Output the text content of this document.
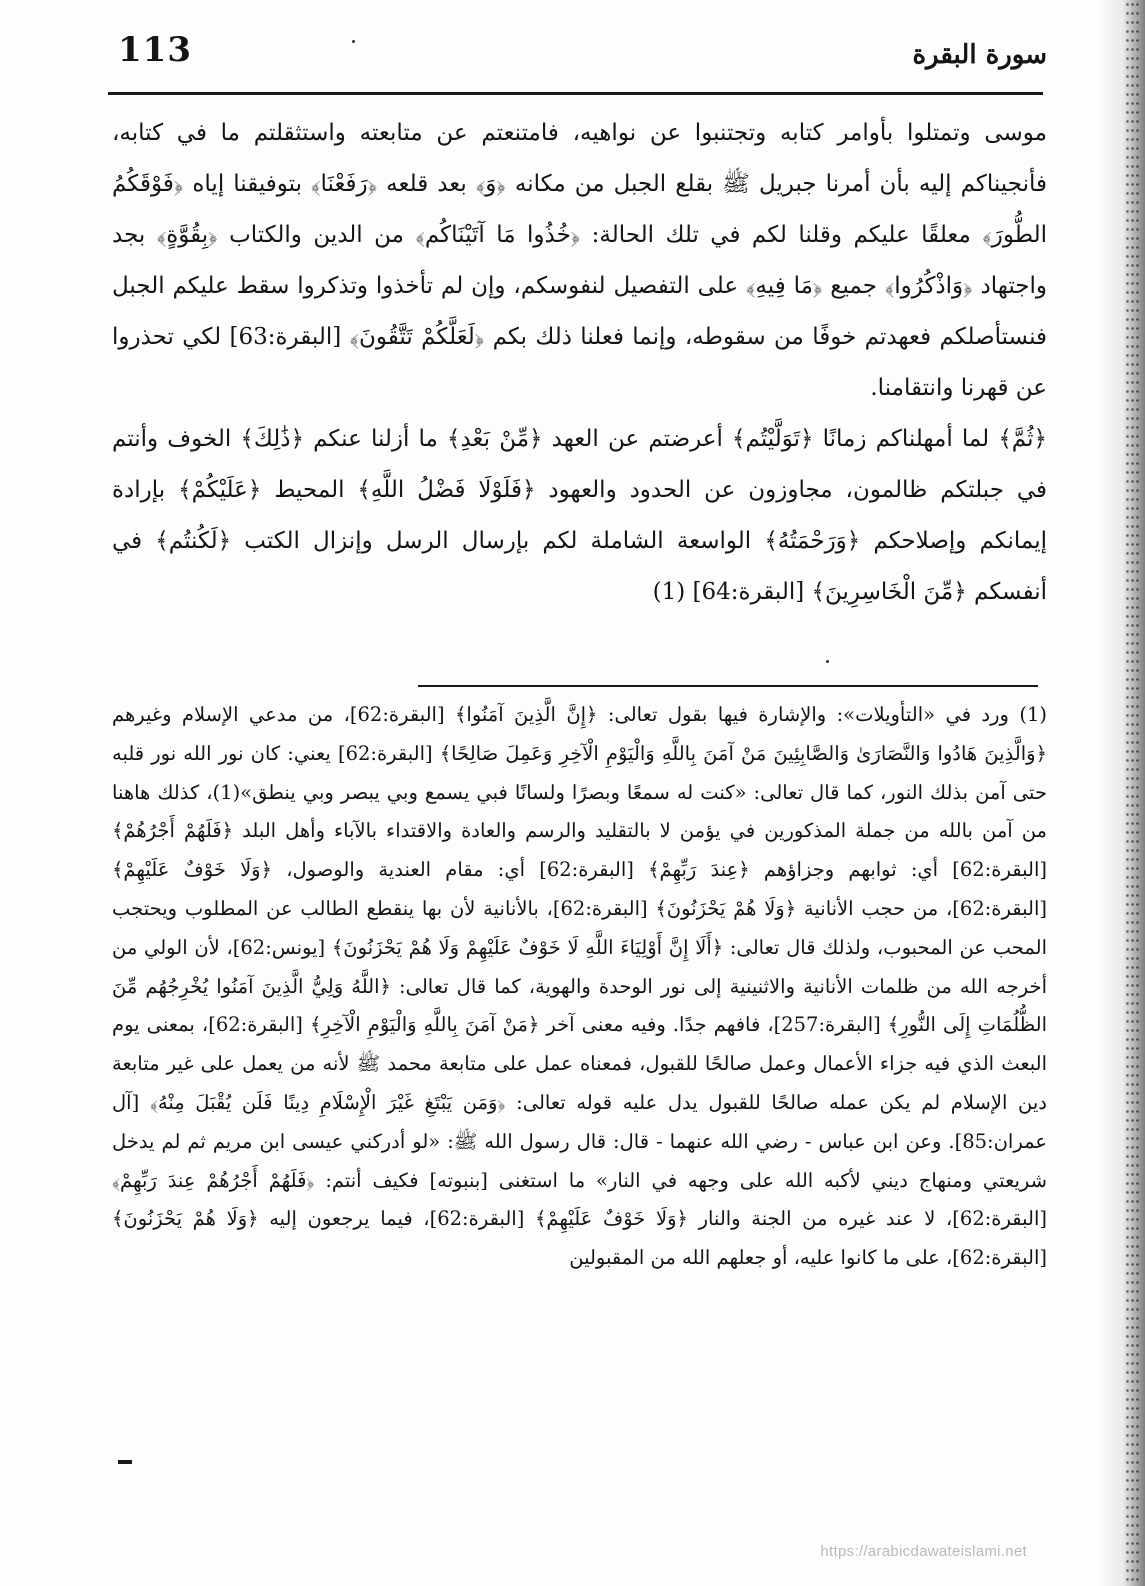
113	سورة البقرة

موسى وتمتلوا بأوامر كتابه وتجتنبوا عن نواهيه، فامتنعتم عن متابعته واستثقلتم ما في كتابه، فأنجيناكم إليه بأن أمرنا جبريل ﷺ بقلع الجبل من مكانه ﴿وَ﴾ بعد قلعه ﴿رَفَعْنَا﴾ بتوفيقنا إياه ﴿فَوْقَكُمُ الطُّورَ﴾ معلقًا عليكم وقلنا لكم في تلك الحالة: ﴿خُذُوا مَا آتَيْنَاكُم﴾ من الدين والكتاب ﴿بِقُوَّةٍ﴾ بجد واجتهاد ﴿وَاذْكُرُوا﴾ جميع ﴿مَا فِيهِ﴾ على التفصيل لنفوسكم، وإن لم تأخذوا وتذكروا سقط عليكم الجبل فنستأصلكم فعهدتم خوفًا من سقوطه، وإنما فعلنا ذلك بكم ﴿لَعَلَّكُمْ تَتَّقُونَ﴾ [البقرة:63] لكي تحذروا عن قهرنا وانتقامنا.

﴿ثُمَّ﴾ لما أمهلناكم زمانًا ﴿تَوَلَّيْتُم﴾ أعرضتم عن العهد ﴿مِّنْ بَعْدِ﴾ ما أزلنا عنكم ﴿ذَٰلِكَ﴾ الخوف وأنتم في جبلتكم ظالمون، مجاوزون عن الحدود والعهود ﴿فَلَوْلَا فَضْلُ اللَّهِ﴾ المحيط ﴿عَلَيْكُمْ﴾ بإرادة إيمانكم وإصلاحكم ﴿وَرَحْمَتُهُ﴾ الواسعة الشاملة لكم بإرسال الرسل وإنزال الكتب ﴿لَكُنتُم﴾ في أنفسكم ﴿مِّنَ الْخَاسِرِينَ﴾ [البقرة:64] (1)

(1) ورد في «التأويلات»: والإشارة فيها بقول تعالى: ﴿إِنَّ الَّذِينَ آمَنُوا﴾ [البقرة:62]، من مدعي الإسلام وغيرهم ﴿وَالَّذِينَ هَادُوا وَالنَّصَارَىٰ وَالصَّابِئِينَ مَنْ آمَنَ بِاللَّهِ وَالْيَوْمِ الْآخِرِ وَعَمِلَ صَالِحًا﴾ [البقرة:62] يعني: كان نور الله نور قلبه حتى آمن بذلك النور، كما قال تعالى: «كنت له سمعًا وبصرًا ولسانًا فبي يسمع وبي يبصر وبي ينطق»(1)، كذلك هاهنا من آمن بالله من جملة المذكورين في يؤمن لا بالتقليد والرسم والعادة والاقتداء بالآباء وأهل البلد ﴿فَلَهُمْ أَجْرُهُمْ﴾ [البقرة:62] أي: ثوابهم وجزاؤهم ﴿عِندَ رَبِّهِمْ﴾ [البقرة:62] أي: مقام العندية والوصول، ﴿وَلَا خَوْفٌ عَلَيْهِمْ﴾ [البقرة:62]، من حجب الأنانية ﴿وَلَا هُمْ يَحْزَنُونَ﴾ [البقرة:62]، بالأنانية لأن بها ينقطع الطالب عن المطلوب ويحتجب المحب عن المحبوب، ولذلك قال تعالى: ﴿أَلَا إِنَّ أَوْلِيَاءَ اللَّهِ لَا خَوْفٌ عَلَيْهِمْ وَلَا هُمْ يَحْزَنُونَ﴾ [يونس:62]، لأن الولي من أخرجه الله من ظلمات الأنانية والاثنينية إلى نور الوحدة والهوية، كما قال تعالى: ﴿اللَّهُ وَلِيُّ الَّذِينَ آمَنُوا يُخْرِجُهُم مِّنَ الظُّلُمَاتِ إِلَى النُّورِ﴾ [البقرة:257]، فافهم جدًا. وفيه معنى آخر ﴿مَنْ آمَنَ بِاللَّهِ وَالْيَوْمِ الْآخِرِ﴾ [البقرة:62]، بمعنى يوم البعث الذي فيه جزاء الأعمال وعمل صالحًا للقبول، فمعناه عمل على متابعة محمد ﷺ لأنه من يعمل على غير متابعة دين الإسلام لم يكن عمله صالحًا للقبول يدل عليه قوله تعالى: ﴿وَمَن يَبْتَغِ غَيْرَ الْإِسْلَامِ دِينًا فَلَن يُقْبَلَ مِنْهُ﴾ [آل عمران:85]. وعن ابن عباس - رضي الله عنهما - قال: قال رسول الله ﷺ: «لو أدركني عيسى ابن مريم ثم لم يدخل شريعتي ومنهاج ديني لأكبه الله على وجهه في النار» ما استغنى [بنبوته] فكيف أنتم: ﴿فَلَهُمْ أَجْرُهُمْ عِندَ رَبِّهِمْ﴾ [البقرة:62]، لا عند غيره من الجنة والنار ﴿وَلَا خَوْفٌ عَلَيْهِمْ﴾ [البقرة:62]، فيما يرجعون إليه ﴿وَلَا هُمْ يَحْزَنُونَ﴾ [البقرة:62]، على ما كانوا عليه، أو جعلهم الله من المقبولين

https://arabicdawateislami.net
